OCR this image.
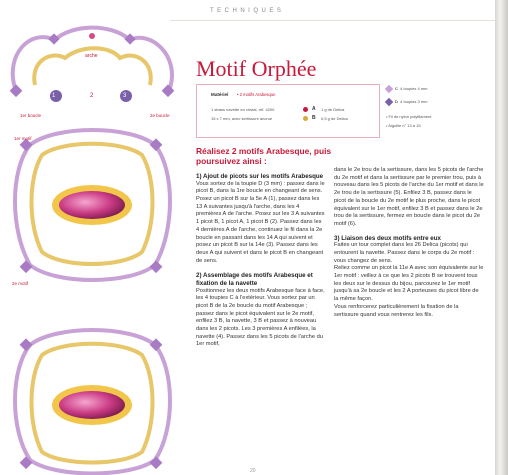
TECHNIQUES
arche
1	2	3
1er boucle	2e boucle
1er motif
2e motif
Motif Orphée
Matériel • 2 motifs Arabesque
1 strass navette en cristal, réf. 4200
15 x 7 mm, avec sertissure ancrue
A 1 g de Delica
B 0,5 g de Delica
C 4 toupies 4 mm
D 4 toupies 3 mm
• Fil de nylon polyfilament
• Aiguille n° 13 à 15
Réalisez 2 motifs Arabesque, puis poursuivez ainsi :
1) Ajout de picots sur les motifs Arabesque

Vous sortez de la toupie D (3 mm) : passez dans le picot B, dans la 1re boucle en changeant de sens. Posez un picot B sur la 5e A (1), passez dans les 13 A suivantes jusqu'à l'arche, dans les 4 premières A de l'arche. Posez sur les 3 A suivantes 1 picot B, 1 picot A, 1 picot B (2). Passez dans les 4 dernières A de l'arche, continuez le fil dans la 2e boucle en passant dans les 14 A qui suivent et posez un picot B sur la 14e (3). Passez dans les deux A qui suivent et dans le picot B en changeant de sens.

2) Assemblage des motifs Arabesque et fixation de la navette

Positionnez les deux motifs Arabesque face à face, les 4 toupies C à l'extérieur. Vous sortez par un picot B de la 2e boucle du motif Arabesque ; passez dans le picot équivalent sur le 2e motif, enfilez 3 B, la navette, 3 B et passez à nouveau dans les 2 picots. Les 3 premières A enfilées, la navette (4). Passez dans les 5 picots de l'arche du 1er motif,

dans le 2e trou de la sertissure, dans les 5 picots de l'arche du 2e motif et dans la sertissure par le premier trou, puis à nouveau dans les 5 picots de l'arche du 1er motif et dans le 2e trou de la sertissure (5). Enfilez 3 B, passez dans le picot de la boucle du 2e motif le plus proche, dans le picot équivalent sur le 1er motif, enfilez 3 B et passez dans le 2e trou de la sertissure, fermez en boucle dans le picot du 2e motif (6).

3) Liaison des deux motifs entre eux

Faites un tour complet dans les 26 Delica (picots) qui entourent la navette. Passez dans le corps du 2e motif : vous changez de sens.

Reliez comme un picot la 11e A avec son équivalente sur le 1er motif : veillez à ce que les 2 picots B se trouvent tous les deux sur le dessus du bijou, parcourez le 1er motif jusqu'à sa 2e boucle et les 2 A porteuses du picot libre de la même façon.

Vous renforcerez particulièrement la fixation de la sertissure quand vous rentrerez les fils.

20
